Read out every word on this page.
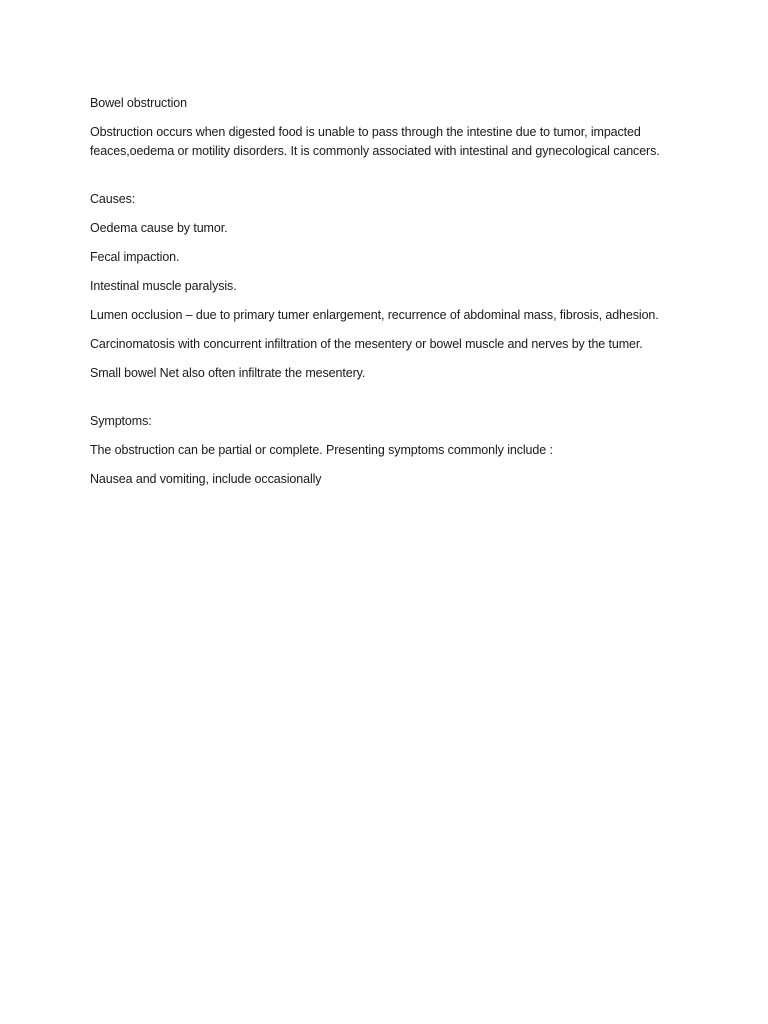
Bowel obstruction

Obstruction occurs when digested food is unable to pass through the intestine due to tumor, impacted feaces,oedema or motility disorders. It is commonly associated with intestinal and gynecological cancers.

Causes:

Oedema cause by tumor.

Fecal impaction.

Intestinal muscle paralysis.

Lumen occlusion – due to primary tumer enlargement, recurrence of abdominal mass, fibrosis, adhesion.

Carcinomatosis with concurrent infiltration of the mesentery or bowel muscle and nerves by the tumer.

Small bowel Net also often infiltrate the mesentery.

Symptoms:

The obstruction can be partial or complete. Presenting symptoms commonly include :

Nausea and vomiting, include occasionally
